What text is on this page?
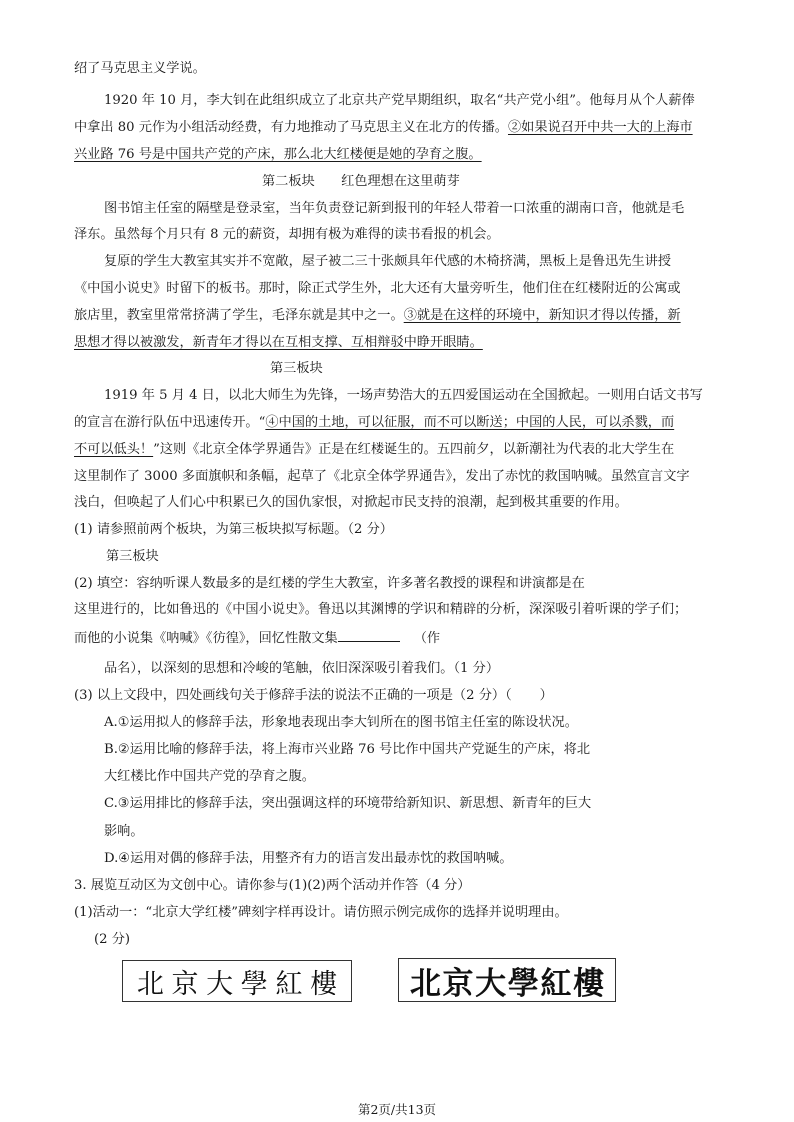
绍了马克思主义学说。
1920 年 10 月，李大钊在此组织成立了北京共产党早期组织，取名“共产党小组”。他每月从个人薪俸
中拿出 80 元作为小组活动经费，有力地推动了马克思主义在北方的传播。②如果说召开中共一大的上海市
兴业路 76 号是中国共产党的产床，那么北大红楼便是她的孕育之腹。
第二板块　　红色理想在这里萌芽
图书馆主任室的隔壁是登录室，当年负责登记新到报刊的年轻人带着一口浓重的湖南口音，他就是毛
泽东。虽然每个月只有 8 元的薪资，却拥有极为难得的读书看报的机会。
复原的学生大教室其实并不宽敞，屋子被二三十张颇具年代感的木椅挤满，黑板上是鲁迅先生讲授
《中国小说史》时留下的板书。那时，除正式学生外，北大还有大量旁听生，他们住在红楼附近的公寓或
旅店里，教室里常常挤满了学生，毛泽东就是其中之一。③就是在这样的环境中，新知识才得以传播，新
思想才得以被激发，新青年才得以在互相支撑、互相辩驳中睁开眼睛。
第三板块
1919 年 5 月 4 日，以北大师生为先锋，一场声势浩大的五四爱国运动在全国掀起。一则用白话文书写
的宣言在游行队伍中迅速传开。“④中国的土地，可以征服，而不可以断送；中国的人民，可以杀戮，而
不可以低头！”这则《北京全体学界通告》正是在红楼诞生的。五四前夕，以新潮社为代表的北大学生在
这里制作了 3000 多面旗帜和条幅，起草了《北京全体学界通告》，发出了赤忱的救国呐喊。虽然宣言文字
浅白，但唤起了人们心中积累已久的国仇家恨，对掀起市民支持的浪潮，起到极其重要的作用。
(1) 请参照前两个板块，为第三板块拟写标题。（2 分）
第三板块
(2) 填空：容纳听课人数最多的是红楼的学生大教室，许多著名教授的课程和讲演都是在
这里进行的，比如鲁迅的《中国小说史》。鲁迅以其渊博的学识和精辟的分析，深深吸引着听课的学子们；
而他的小说集《呐喊》《彷徨》，回忆性散文集	（作
品名），以深刻的思想和冷峻的笔触，依旧深深吸引着我们。（1 分）
(3) 以上文段中，四处画线句关于修辞手法的说法不正确的一项是（2 分）（ ）
A.①运用拟人的修辞手法，形象地表现出李大钊所在的图书馆主任室的陈设状况。
B.②运用比喻的修辞手法，将上海市兴业路 76 号比作中国共产党诞生的产床，将北
大红楼比作中国共产党的孕育之腹。
C.③运用排比的修辞手法，突出强调这样的环境带给新知识、新思想、新青年的巨大
影响。
D.④运用对偶的修辞手法，用整齐有力的语言发出最赤忱的救国呐喊。
3. 展览互动区为文创中心。请你参与(1)(2)两个活动并作答（4 分）
(1)活动一：“北京大学红楼”碑刻字样再设计。请仿照示例完成你的选择并说明理由。
(2 分)
北 京 大 學 紅 樓 北 京 大 學 紅 樓
第2页/共13页
